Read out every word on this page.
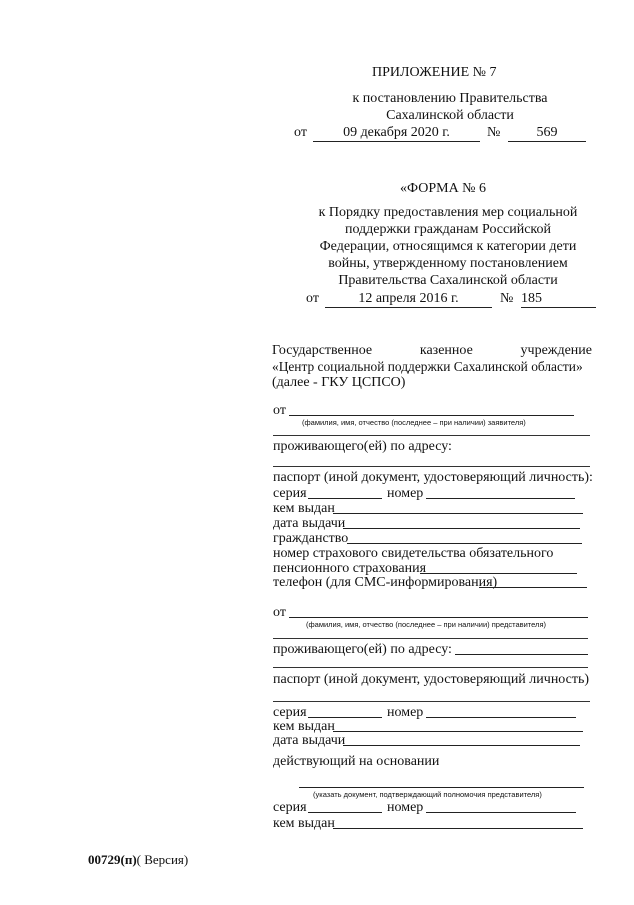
ПРИЛОЖЕНИЕ № 7
к постановлению Правительства
Сахалинской области
от	09 декабря 2020 г.	№	569
«ФОРМА № 6
к Порядку предоставления мер социальной
поддержки гражданам Российской
Федерации, относящимся к категории дети
войны, утвержденному постановлением
Правительства Сахалинской области
от	12 апреля 2016 г.	№ 185
Государственное	казенное	учреждение
«Центр социальной поддержки Сахалинской области»
(далее - ГКУ ЦСПСО)
от
(фамилия, имя, отчество (последнее – при наличии) заявителя)
проживающего(ей) по адресу:
паспорт (иной документ, удостоверяющий личность):
серия	номер
кем выдан
дата выдачи
гражданство
номер страхового свидетельства обязательного
пенсионного страхования
телефон (для СМС-информирования)
от
(фамилия, имя, отчество (последнее – при наличии) представителя)
проживающего(ей) по адресу:
паспорт (иной документ, удостоверяющий личность)
серия	номер
кем выдан
дата выдачи
действующий на основании
(указать документ, подтверждающий полномочия представителя)
серия	номер
кем выдан
00729(п)( Версия)
